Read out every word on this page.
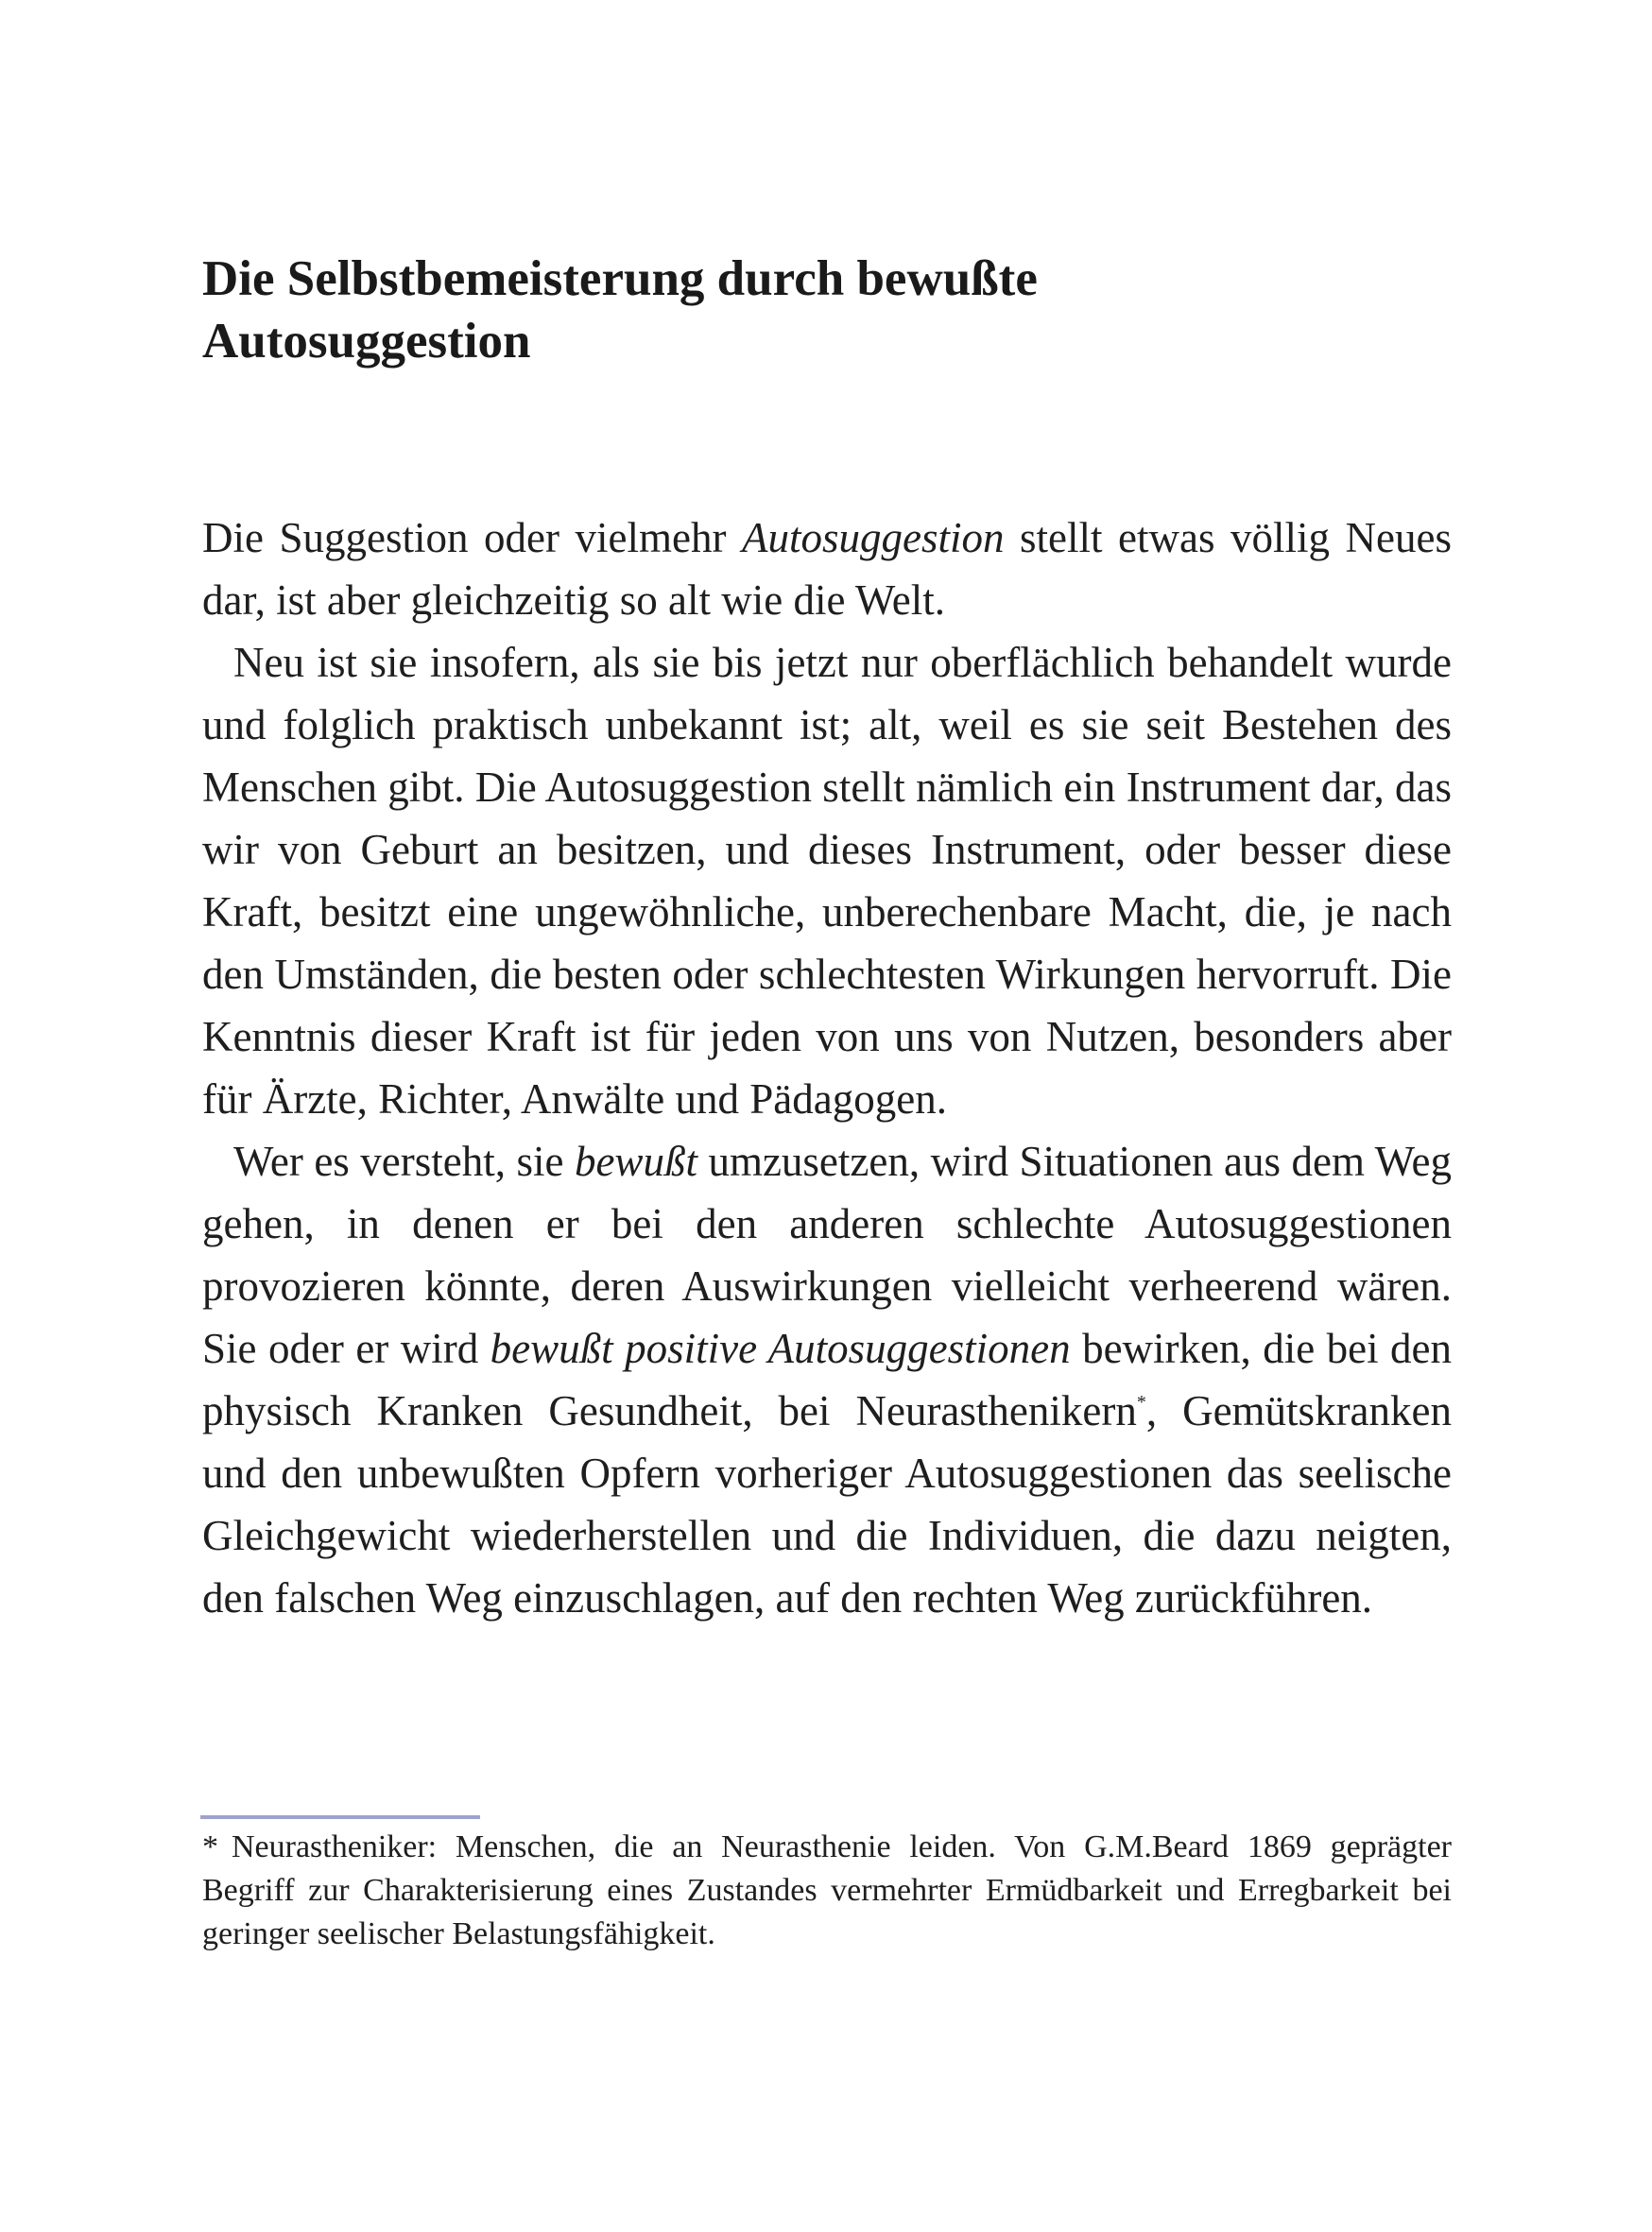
Die Selbstbemeisterung durch bewußte
Autosuggestion

Die Suggestion oder vielmehr Autosuggestion stellt etwas völlig Neues dar, ist aber gleichzeitig so alt wie die Welt.

Neu ist sie insofern, als sie bis jetzt nur oberflächlich behandelt wurde und folglich praktisch unbekannt ist; alt, weil es sie seit Bestehen des Menschen gibt. Die Autosuggestion stellt nämlich ein Instrument dar, das wir von Geburt an besitzen, und dieses Instrument, oder besser diese Kraft, besitzt eine ungewöhnliche, unberechenbare Macht, die, je nach den Umständen, die besten oder schlechtesten Wirkungen hervorruft. Die Kenntnis dieser Kraft ist für jeden von uns von Nutzen, besonders aber für Ärzte, Richter, Anwälte und Pädagogen.

Wer es versteht, sie bewußt umzusetzen, wird Situationen aus dem Weg gehen, in denen er bei den anderen schlechte Autosuggestionen provozieren könnte, deren Auswirkungen vielleicht verheerend wären. Sie oder er wird bewußt positive Autosuggestionen bewirken, die bei den physisch Kranken Gesundheit, bei Neurasthenikern*, Gemütskranken und den unbewußten Opfern vorheriger Autosuggestionen das seelische Gleichgewicht wiederherstellen und die Individuen, die dazu neigten, den falschen Weg einzuschlagen, auf den rechten Weg zurückführen.

* Neurastheniker: Menschen, die an Neurasthenie leiden. Von G.M.Beard 1869 geprägter Begriff zur Charakterisierung eines Zustandes vermehrter Ermüdbarkeit und Erregbarkeit bei geringer seelischer Belastungsfähigkeit.
